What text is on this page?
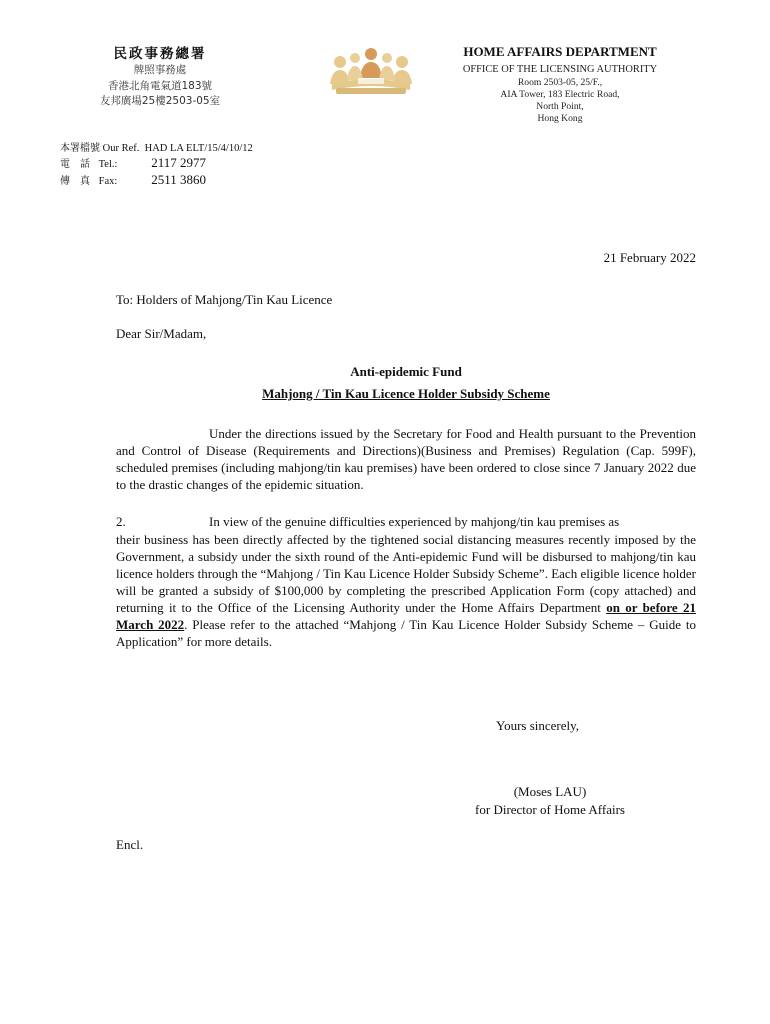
民政事務總署
牌照事務處
香港北角電氣道183號
友邦廣場25樓2503-05室
HOME AFFAIRS DEPARTMENT
OFFICE OF THE LICENSING AUTHORITY
Room 2503-05, 25/F.,
AIA Tower, 183 Electric Road,
North Point,
Hong Kong
本署檔號 Our Ref. HAD LA ELT/15/4/10/12
電　話 Tel.:	2117 2977
傳　真 Fax:	2511 3860
21 February 2022
To: Holders of Mahjong/Tin Kau Licence
Dear Sir/Madam,
Anti-epidemic Fund
Mahjong / Tin Kau Licence Holder Subsidy Scheme

Under the directions issued by the Secretary for Food and Health pursuant to the Prevention and Control of Disease (Requirements and Directions)(Business and Premises) Regulation (Cap. 599F), scheduled premises (including mahjong/tin kau premises) have been ordered to close since 7 January 2022 due to the drastic changes of the epidemic situation.

2.	In view of the genuine difficulties experienced by mahjong/tin kau premises as

their business has been directly affected by the tightened social distancing measures recently imposed by the Government, a subsidy under the sixth round of the Anti-epidemic Fund will be disbursed to mahjong/tin kau licence holders through the “Mahjong / Tin Kau Licence Holder Subsidy Scheme”. Each eligible licence holder will be granted a subsidy of $100,000 by completing the prescribed Application Form (copy attached) and returning it to the Office of the Licensing Authority under the Home Affairs Department on or before 21 March 2022. Please refer to the attached “Mahjong / Tin Kau Licence Holder Subsidy Scheme – Guide to Application” for more details.

Yours sincerely,
(Moses LAU)
for Director of Home Affairs
Encl.
